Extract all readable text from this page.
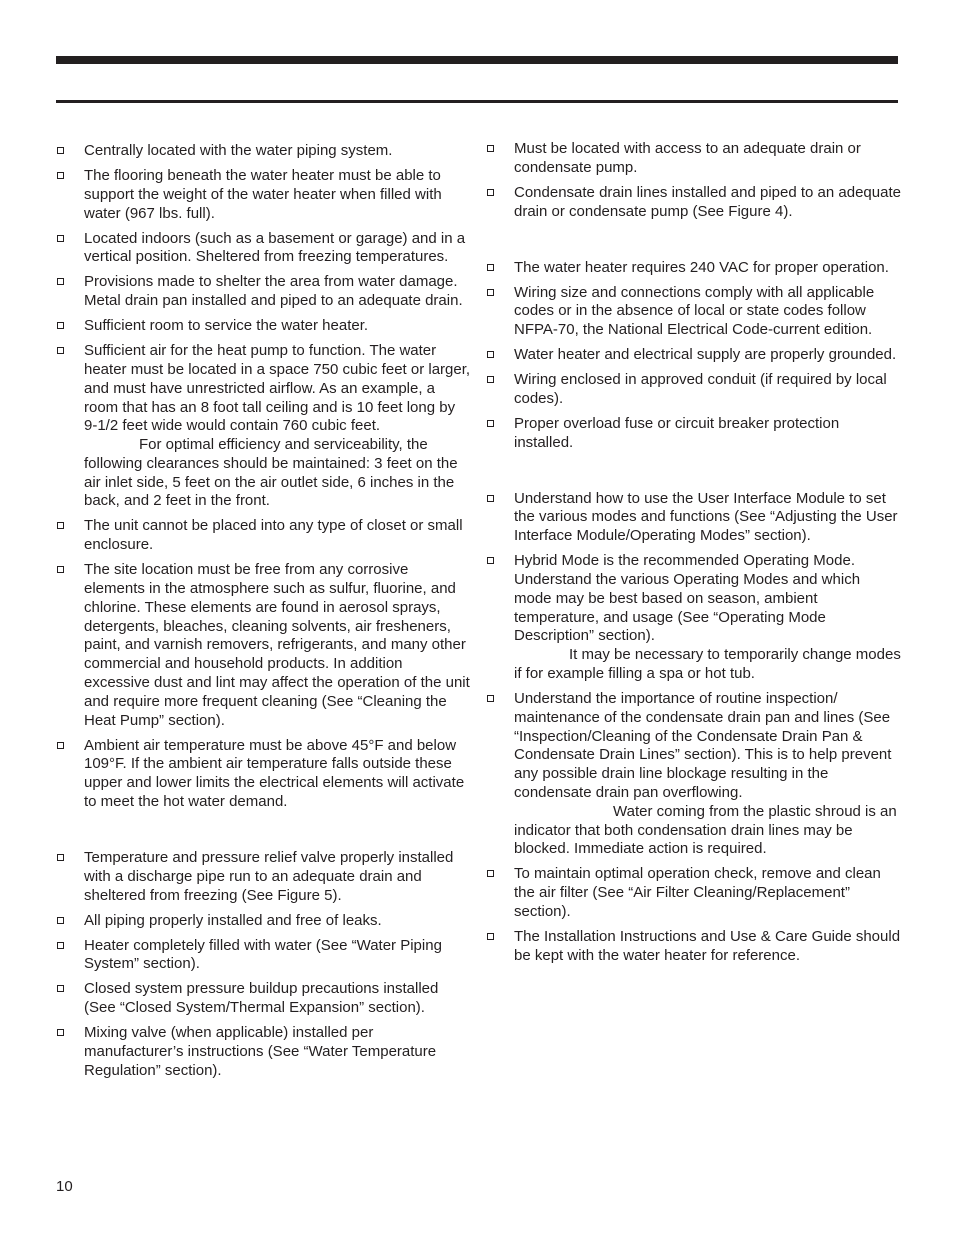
Centrally located with the water piping system.
The flooring beneath the water heater must be able to support the weight of the water heater when filled with water (967 lbs. full).
Located indoors (such as a basement or garage) and in a vertical position. Sheltered from freezing temperatures.
Provisions made to shelter the area from water damage. Metal drain pan installed and piped to an adequate drain.
Sufficient room to service the water heater.
Sufficient air for the heat pump to function. The water heater must be located in a space 750 cubic feet or larger, and must have unrestricted airflow. As an example, a room that has an 8 foot tall ceiling and is 10 feet long by 9-1/2 feet wide would contain 760 cubic feet.
For optimal efficiency and serviceability, the following clearances should be maintained: 3 feet on the air inlet side, 5 feet on the air outlet side, 6 inches in the back, and 2 feet in the front.
The unit cannot be placed into any type of closet or small enclosure.
The site location must be free from any corrosive elements in the atmosphere such as sulfur, fluorine, and chlorine. These elements are found in aerosol sprays, detergents, bleaches, cleaning solvents, air fresheners, paint, and varnish removers, refrigerants, and many other commercial and household products. In addition excessive dust and lint may affect the operation of the unit and require more frequent cleaning (See “Cleaning the Heat Pump” section).
Ambient air temperature must be above 45°F and below 109°F. If the ambient air temperature falls outside these upper and lower limits the electrical elements will activate to meet the hot water demand.
Temperature and pressure relief valve properly installed with a discharge pipe run to an adequate drain and sheltered from freezing (See Figure 5).
All piping properly installed and free of leaks.
Heater completely filled with water (See “Water Piping System” section).
Closed system pressure buildup precautions installed (See “Closed System/Thermal Expansion” section).
Mixing valve (when applicable) installed per manufacturer’s instructions (See “Water Temperature Regulation” section).
Must be located with access to an adequate drain or condensate pump.
Condensate drain lines installed and piped to an adequate drain or condensate pump (See Figure 4).
The water heater requires 240 VAC for proper operation.
Wiring size and connections comply with all applicable codes or in the absence of local or state codes follow NFPA-70, the National Electrical Code-current edition.
Water heater and electrical supply are properly grounded.
Wiring enclosed in approved conduit (if required by local codes).
Proper overload fuse or circuit breaker protection installed.
Understand how to use the User Interface Module to set the various modes and functions (See “Adjusting the User Interface Module/Operating Modes” section).
Hybrid Mode is the recommended Operating Mode. Understand the various Operating Modes and which mode may be best based on season, ambient temperature, and usage (See “Operating Mode Description” section).
It may be necessary to temporarily change modes if for example filling a spa or hot tub.
Understand the importance of routine inspection/ maintenance of the condensate drain pan and lines (See “Inspection/Cleaning of the Condensate Drain Pan & Condensate Drain Lines” section). This is to help prevent any possible drain line blockage resulting in the condensate drain pan overflowing.
Water coming from the plastic shroud is an indicator that both condensation drain lines may be blocked. Immediate action is required.
To maintain optimal operation check, remove and clean the air filter (See “Air Filter Cleaning/Replacement” section).
The Installation Instructions and Use & Care Guide should be kept with the water heater for reference.
10
